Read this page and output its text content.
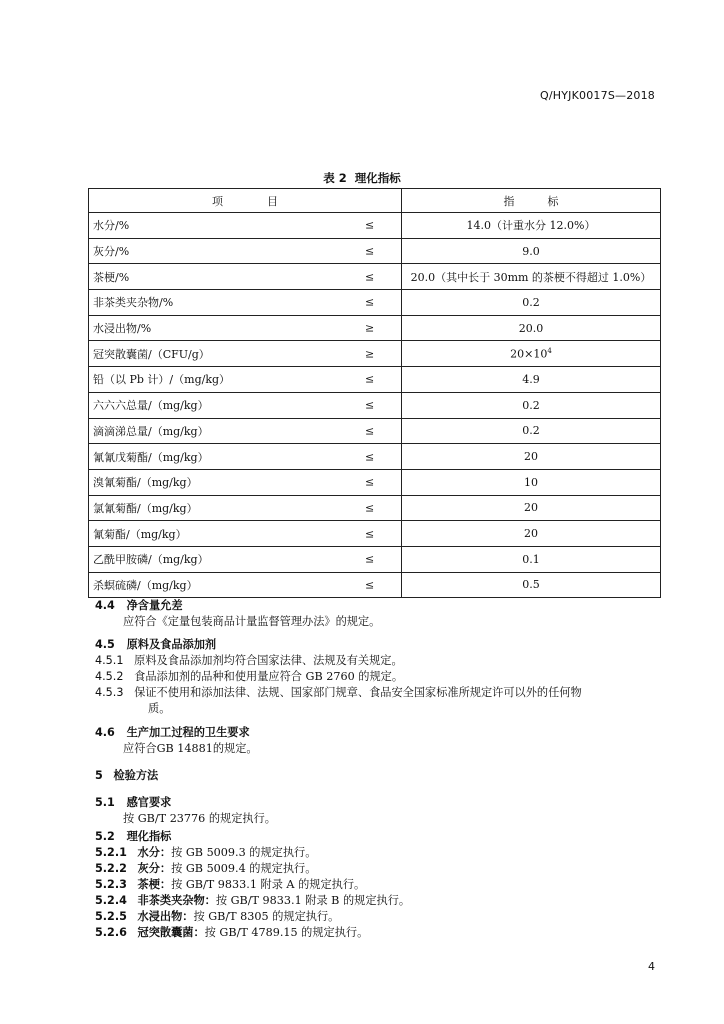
Q/HYJK0017S—2018
表 2 理化指标
项　　　　目	指　　　标
水分/% ≤	14.0（计重水分 12.0%）
灰分/% ≤	9.0
茶梗/% ≤	20.0（其中长于 30mm 的茶梗不得超过 1.0%）
非茶类夹杂物/% ≤	0.2
水浸出物/% ≥	20.0
冠突散囊菌/（CFU/g） ≥	$20\times 10^4$
铅（以 Pb 计）/（mg/kg） ≤	4.9
六六六总量/（mg/kg） ≤	0.2
滴滴涕总量/（mg/kg） ≤	0.2
氰氰戊菊酯/（mg/kg） ≤	20
溴氰菊酯/（mg/kg） ≤	10
氯氰菊酯/（mg/kg） ≤	20
氰菊酯/（mg/kg） ≤	20
乙酰甲胺磷/（mg/kg） ≤	0.1
杀螟硫磷/（mg/kg） ≤	0.5
4.4 净含量允差
应符合《定量包装商品计量监督管理办法》的规定。
4.5 原料及食品添加剂
4.5.1 原料及食品添加剂均符合国家法律、法规及有关规定。
4.5.2 食品添加剂的品种和使用量应符合 GB 2760 的规定。
4.5.3 保证不使用和添加法律、法规、国家部门规章、食品安全国家标准所规定许可以外的任何物
质。
4.6 生产加工过程的卫生要求
应符合GB 14881的规定。
5 检验方法
5.1 感官要求
按 GB/T 23776 的规定执行。
5.2 理化指标
5.2.1 水分：按 GB 5009.3 的规定执行。
5.2.2 灰分：按 GB 5009.4 的规定执行。
5.2.3 茶梗：按 GB/T 9833.1 附录 A 的规定执行。
5.2.4 非茶类夹杂物：按 GB/T 9833.1 附录 B 的规定执行。
5.2.5 水浸出物：按 GB/T 8305 的规定执行。
5.2.6 冠突散囊菌：按 GB/T 4789.15 的规定执行。
4
